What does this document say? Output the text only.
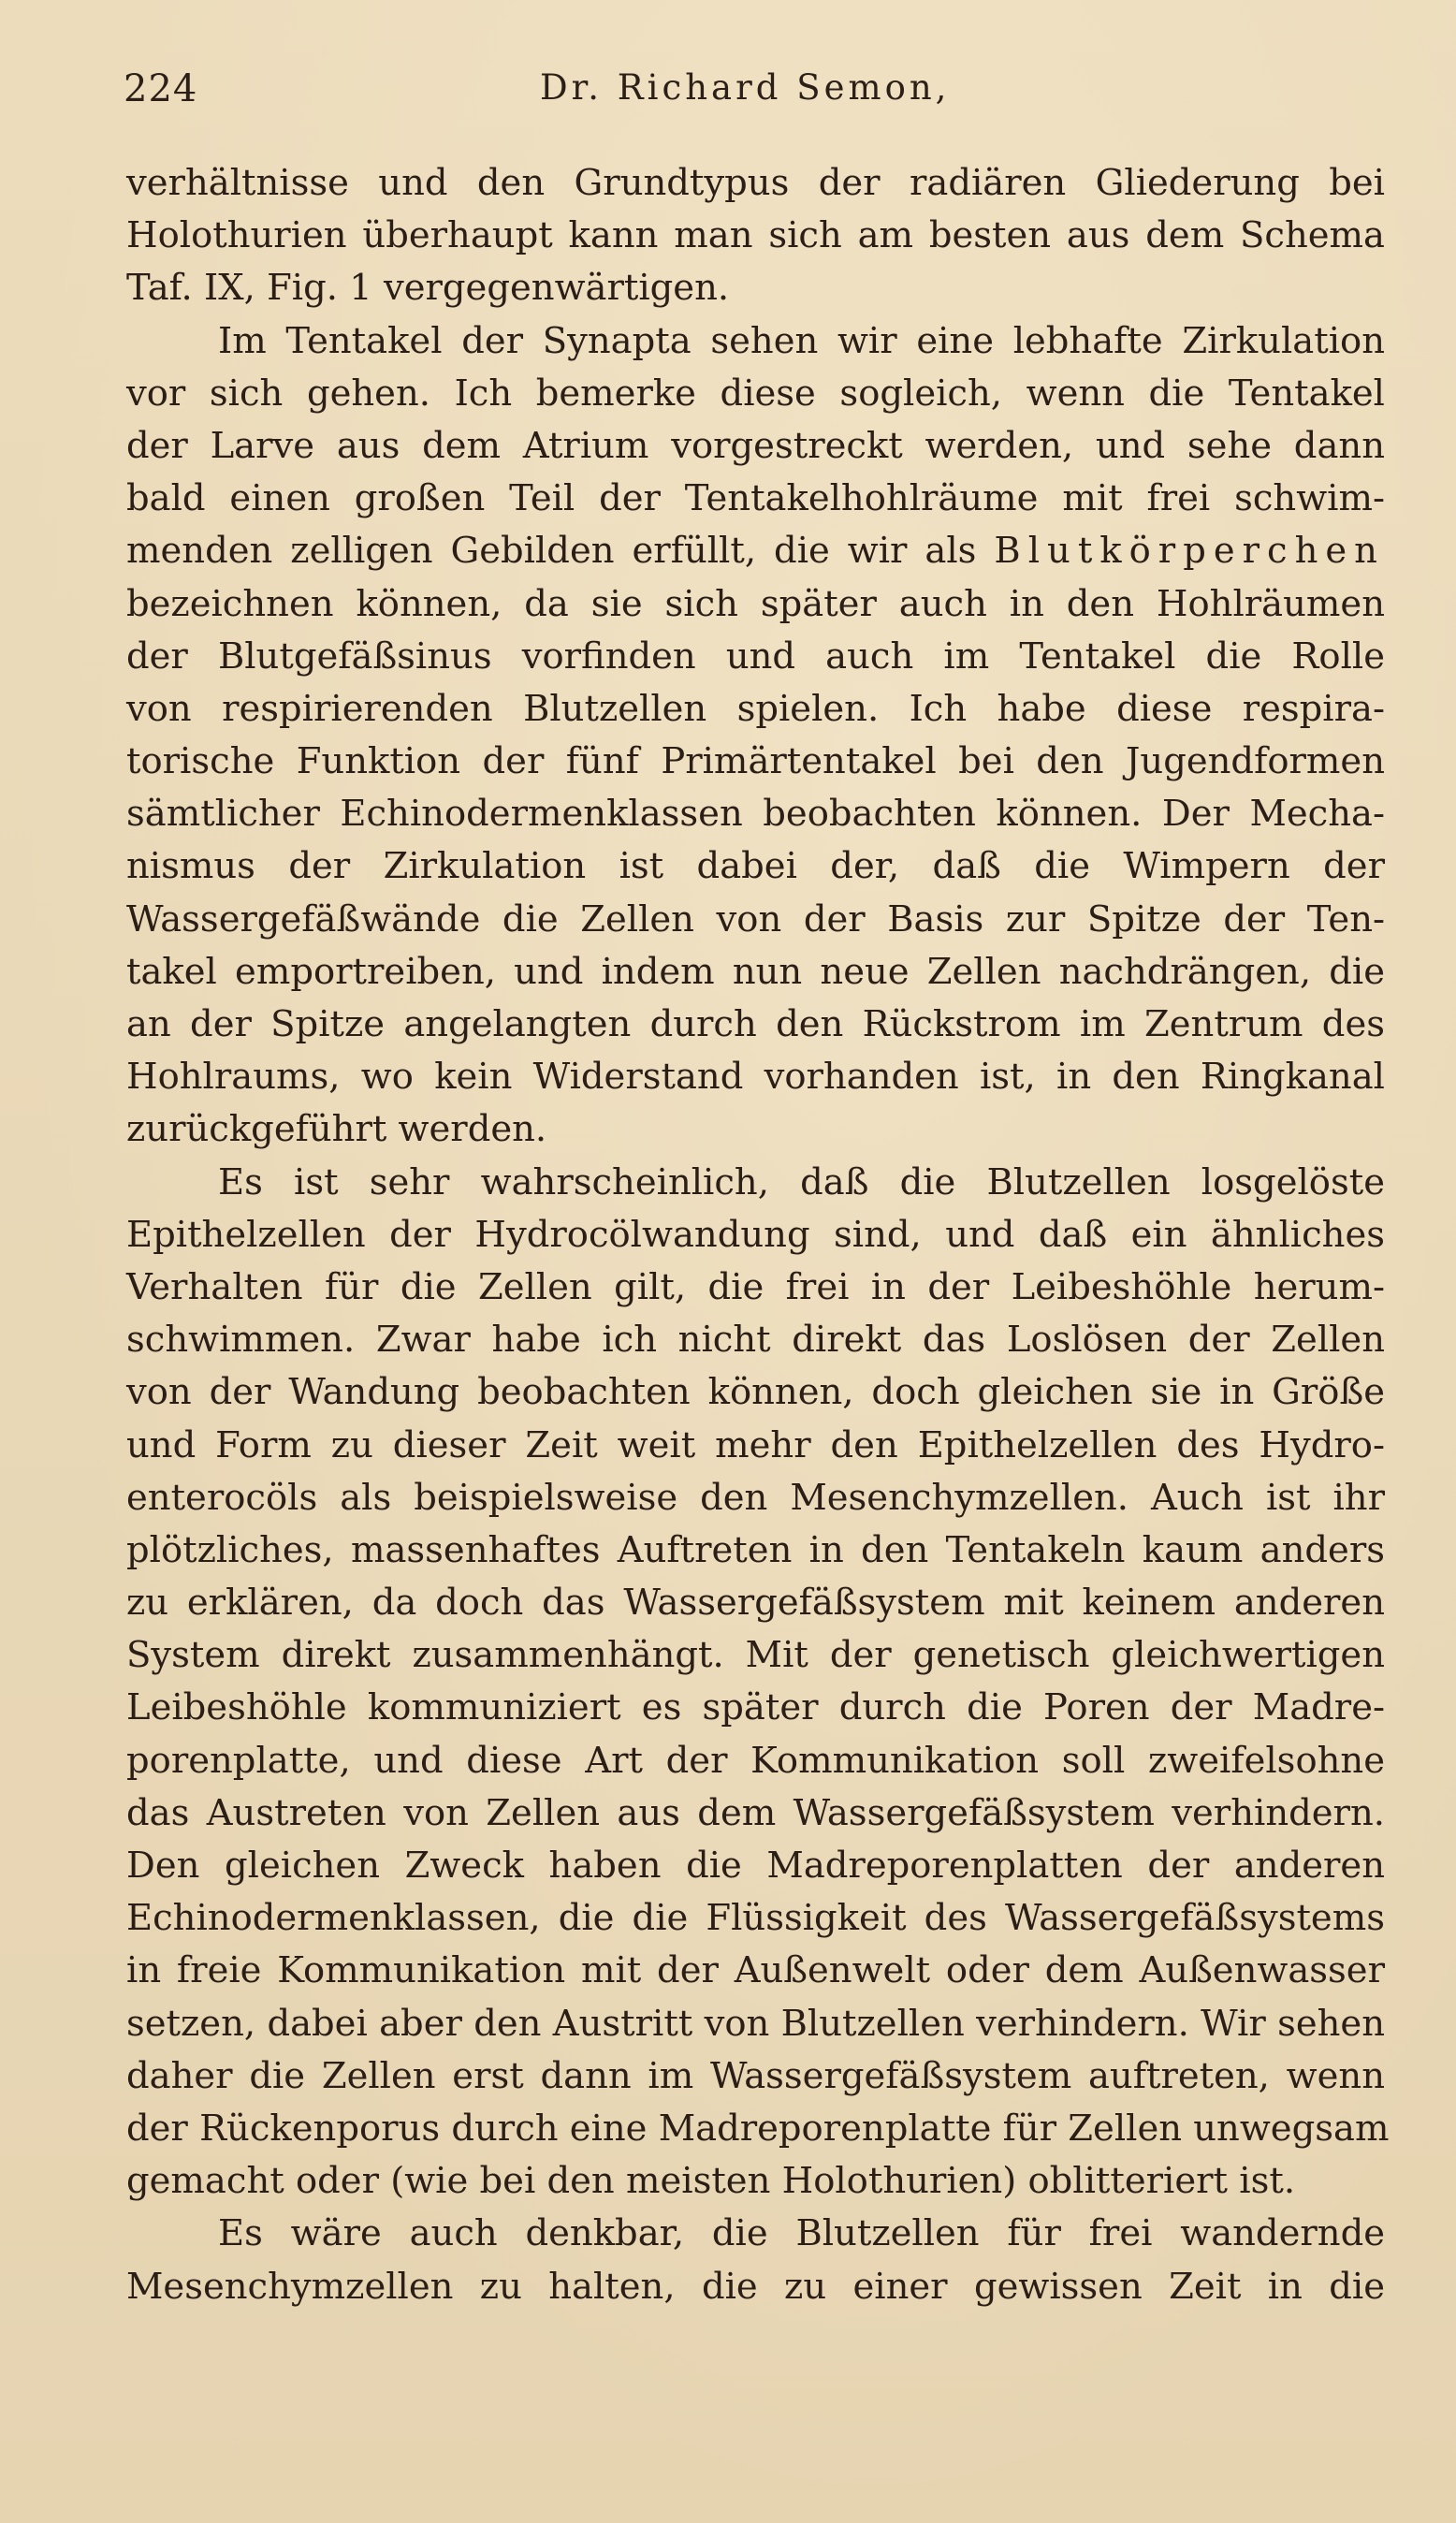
224	Dr. Richard Semon,
verhältnisse und den Grundtypus der radiären Gliederung bei
Holothurien überhaupt kann man sich am besten aus dem Schema
Taf. IX, Fig. 1 vergegenwärtigen.
Im Tentakel der Synapta sehen wir eine lebhafte Zirkulation
vor sich gehen. Ich bemerke diese sogleich, wenn die Tentakel
der Larve aus dem Atrium vorgestreckt werden, und sehe dann
bald einen großen Teil der Tentakelhohlräume mit frei schwim-
menden zelligen Gebilden erfüllt, die wir als Blutkörperchen
bezeichnen können, da sie sich später auch in den Hohlräumen
der Blutgefäßsinus vorfinden und auch im Tentakel die Rolle
von respirierenden Blutzellen spielen. Ich habe diese respira-
torische Funktion der fünf Primärtentakel bei den Jugendformen
sämtlicher Echinodermenklassen beobachten können. Der Mecha-
nismus der Zirkulation ist dabei der, daß die Wimpern der
Wassergefäßwände die Zellen von der Basis zur Spitze der Ten-
takel emportreiben, und indem nun neue Zellen nachdrängen, die
an der Spitze angelangten durch den Rückstrom im Zentrum des
Hohlraums, wo kein Widerstand vorhanden ist, in den Ringkanal
zurückgeführt werden.
Es ist sehr wahrscheinlich, daß die Blutzellen losgelöste
Epithelzellen der Hydrocölwandung sind, und daß ein ähnliches
Verhalten für die Zellen gilt, die frei in der Leibeshöhle herum-
schwimmen. Zwar habe ich nicht direkt das Loslösen der Zellen
von der Wandung beobachten können, doch gleichen sie in Größe
und Form zu dieser Zeit weit mehr den Epithelzellen des Hydro-
enterocöls als beispielsweise den Mesenchymzellen. Auch ist ihr
plötzliches, massenhaftes Auftreten in den Tentakeln kaum anders
zu erklären, da doch das Wassergefäßsystem mit keinem anderen
System direkt zusammenhängt. Mit der genetisch gleichwertigen
Leibeshöhle kommuniziert es später durch die Poren der Madre-
porenplatte, und diese Art der Kommunikation soll zweifelsohne
das Austreten von Zellen aus dem Wassergefäßsystem verhindern.
Den gleichen Zweck haben die Madreporenplatten der anderen
Echinodermenklassen, die die Flüssigkeit des Wassergefäßsystems
in freie Kommunikation mit der Außenwelt oder dem Außenwasser
setzen, dabei aber den Austritt von Blutzellen verhindern. Wir sehen
daher die Zellen erst dann im Wassergefäßsystem auftreten, wenn
der Rückenporus durch eine Madreporenplatte für Zellen unwegsam
gemacht oder (wie bei den meisten Holothurien) oblitteriert ist.
Es wäre auch denkbar, die Blutzellen für frei wandernde
Mesenchymzellen zu halten, die zu einer gewissen Zeit in die
